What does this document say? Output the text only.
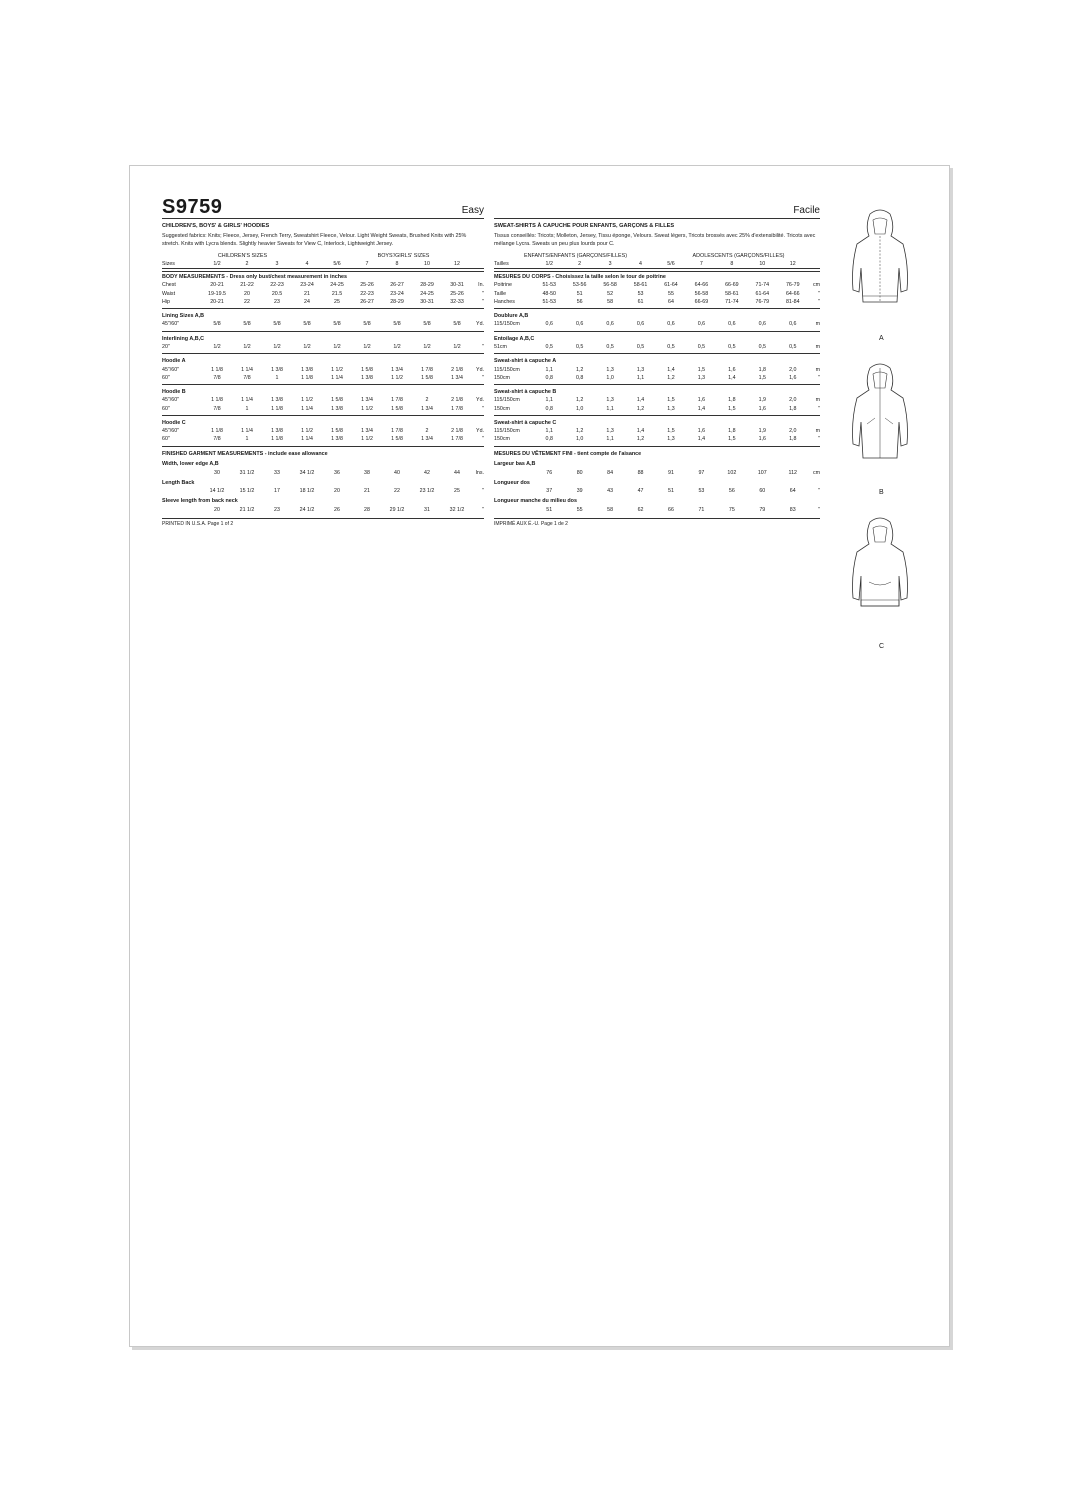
S9759	Easy
CHILDREN'S, BOYS' & GIRLS' HOODIES
Suggested fabrics: Knits; Fleece, Jersey, French Terry, Sweatshirt Fleece, Velour. Light Weight Sweats, Brushed Knits with 25% stretch. Knits with Lycra blends. Slightly heavier Sweats for View C, Interlock, Lightweight Jersey.
CHILDREN'S SIZES	BOYS'/GIRLS' SIZES
Sizes	1/2	2	3	4	5/6	7	8	10	12	
BODY MEASUREMENTS - Dress only bust/chest measurement in inches
Chest	20-21	21-22	22-23	23-24	24-25	25-26	26-27	28-29	30-31	In.
Waist	19-19.5	20	20.5	21	21.5	22-23	23-24	24-25	25-26	"
Hip	20-21	22	23	24	25	26-27	28-29	30-31	32-33	"
Lining Sizes A,B
45"/60"	5/8	5/8	5/8	5/8	5/8	5/8	5/8	5/8	5/8	Yd.
Interlining A,B,C
20"	1/2	1/2	1/2	1/2	1/2	1/2	1/2	1/2	1/2	"
Hoodie A
45"/60"	1 1/8	1 1/4	1 3/8	1 3/8	1 1/2	1 5/8	1 3/4	1 7/8	2 1/8	Yd.
60"	7/8	7/8	1	1 1/8	1 1/4	1 3/8	1 1/2	1 5/8	1 3/4	"
Hoodie B
45"/60"	1 1/8	1 1/4	1 3/8	1 1/2	1 5/8	1 3/4	1 7/8	2	2 1/8	Yd.
60"	7/8	1	1 1/8	1 1/4	1 3/8	1 1/2	1 5/8	1 3/4	1 7/8	"
Hoodie C
45"/60"	1 1/8	1 1/4	1 3/8	1 1/2	1 5/8	1 3/4	1 7/8	2	2 1/8	Yd.
60"	7/8	1	1 1/8	1 1/4	1 3/8	1 1/2	1 5/8	1 3/4	1 7/8	"
FINISHED GARMENT MEASUREMENTS - include ease allowance
Width, lower edge A,B
	30	31 1/2	33	34 1/2	36	38	40	42	44	Ins.
Length Back
	14 1/2	15 1/2	17	18 1/2	20	21	22	23 1/2	25	"
Sleeve length from back neck
	20	21 1/2	23	24 1/2	26	28	29 1/2	31	32 1/2	"
PRINTED IN U.S.A. Page 1 of 2
Facile
SWEAT-SHIRTS À CAPUCHE POUR ENFANTS, GARÇONS & FILLES
Tissus conseillés: Tricots; Molleton, Jersey, Tissu éponge, Velours. Sweat légers, Tricots brossés avec 25% d'extensibilité. Tricots avec mélange Lycra. Sweats un peu plus lourds pour C.
ENFANTS/ENFANTS (GARÇONS/FILLES)	ADOLESCENTS (GARÇONS/FILLES)
Tailles	1/2	2	3	4	5/6	7	8	10	12	
MESURES DU CORPS - Choisissez la taille selon le tour de poitrine
Poitrine	51-53	53-56	56-58	58-61	61-64	64-66	66-69	71-74	76-79	cm
Taille	48-50	51	52	53	55	56-58	58-61	61-64	64-66	"
Hanches	51-53	56	58	61	64	66-69	71-74	76-79	81-84	"
Doublure A,B
115/150cm	0,6	0,6	0,6	0,6	0,6	0,6	0,6	0,6	0,6	m
Entoilage A,B,C
51cm	0,5	0,5	0,5	0,5	0,5	0,5	0,5	0,5	0,5	m
Sweat-shirt à capuche A
115/150cm	1,1	1,2	1,3	1,3	1,4	1,5	1,6	1,8	2,0	m
150cm	0,8	0,8	1,0	1,1	1,2	1,3	1,4	1,5	1,6	"
Sweat-shirt à capuche B
115/150cm	1,1	1,2	1,3	1,4	1,5	1,6	1,8	1,9	2,0	m
150cm	0,8	1,0	1,1	1,2	1,3	1,4	1,5	1,6	1,8	"
Sweat-shirt à capuche C
115/150cm	1,1	1,2	1,3	1,4	1,5	1,6	1,8	1,9	2,0	m
150cm	0,8	1,0	1,1	1,2	1,3	1,4	1,5	1,6	1,8	"
MESURES DU VÊTEMENT FINI - tient compte de l'aisance
Largeur bas A,B
	76	80	84	88	91	97	102	107	112	cm
Longueur dos
	37	39	43	47	51	53	56	60	64	"
Longueur manche du milieu dos
	51	55	58	62	66	71	75	79	83	"
IMPRIMÉ AUX É.-U. Page 1 de 2
A
B
C
